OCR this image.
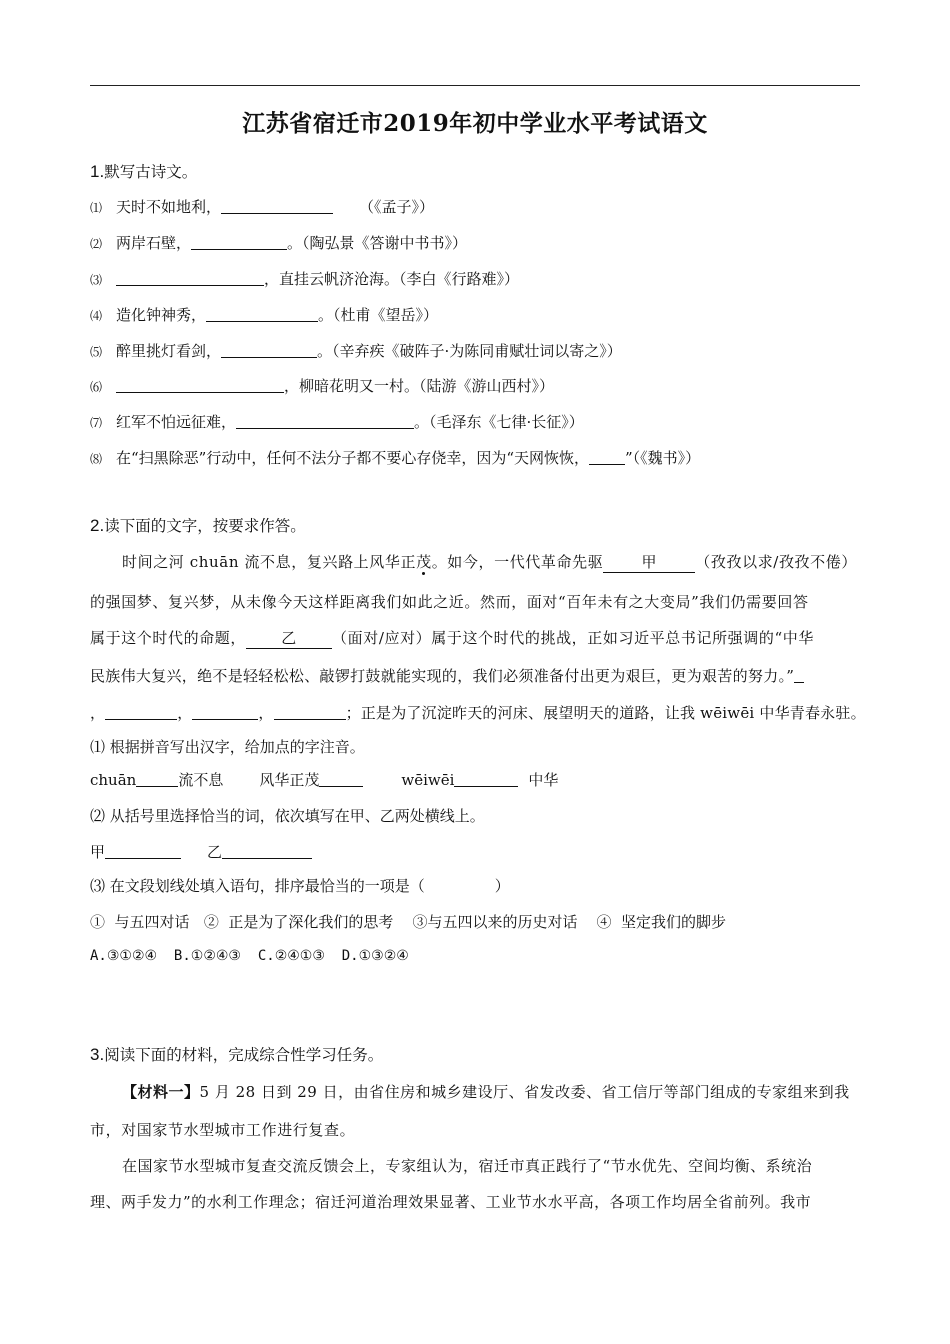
江苏省宿迁市2019年初中学业水平考试语文
1.默写古诗文。
⑴ 天时不如地利，	（《孟子》）
⑵ 两岸石壁，	。（陶弘景《答谢中书书》）
⑶	，直挂云帆济沧海。（李白《行路难》）
⑷ 造化钟神秀，	。（杜甫《望岳》）
⑸ 醉里挑灯看剑，	。（辛弃疾《破阵子·为陈同甫赋壮词以寄之》）
⑹	，柳暗花明又一村。（陆游《游山西村》）
⑺ 红军不怕远征难，	。（毛泽东《七律·长征》）
⑻ 在“扫黑除恶”行动中，任何不法分子都不要心存侥幸，因为“天网恢恢， ”（《魏书》）
2.读下面的文字，按要求作答。
时间之河 chuān 流不息，复兴路上风华正茂。如今，一代代革命先驱	甲	（孜孜以求/孜孜不倦）
的强国梦、复兴梦，从未像今天这样距离我们如此之近。然而，面对“百年未有之大变局”我们仍需要回答
属于这个时代的命题， 乙 （面对/应对）属于这个时代的挑战，正如习近平总书记所强调的“中华
民族伟大复兴，绝不是轻轻松松、敲锣打鼓就能实现的，我们必须准备付出更为艰巨，更为艰苦的努力。”
，	，	，	；正是为了沉淀昨天的河床、展望明天的道路，让我 wēiwēi 中华青春永驻。
⑴ 根据拼音写出汉字，给加点的字注音。
chuān	流不息 风华正茂	wēiwēi	中华
⑵ 从括号里选择恰当的词，依次填写在甲、乙两处横线上。
甲	乙
⑶ 在文段划线处填入语句，排序最恰当的一项是（	）
①  与五四对话   ②  正是为了深化我们的思考    ③与五四以来的历史对话    ④  坚定我们的脚步
A.③①②④  B.①②④③  C.②④①③  D.①③②④
3.阅读下面的材料，完成综合性学习任务。
【材料一】5 月 28 日到 29 日，由省住房和城乡建设厅、省发改委、省工信厅等部门组成的专家组来到我
市，对国家节水型城市工作进行复查。
在国家节水型城市复查交流反馈会上，专家组认为，宿迁市真正践行了“节水优先、空间均衡、系统治
理、两手发力”的水利工作理念；宿迁河道治理效果显著、工业节水水平高，各项工作均居全省前列。我市
